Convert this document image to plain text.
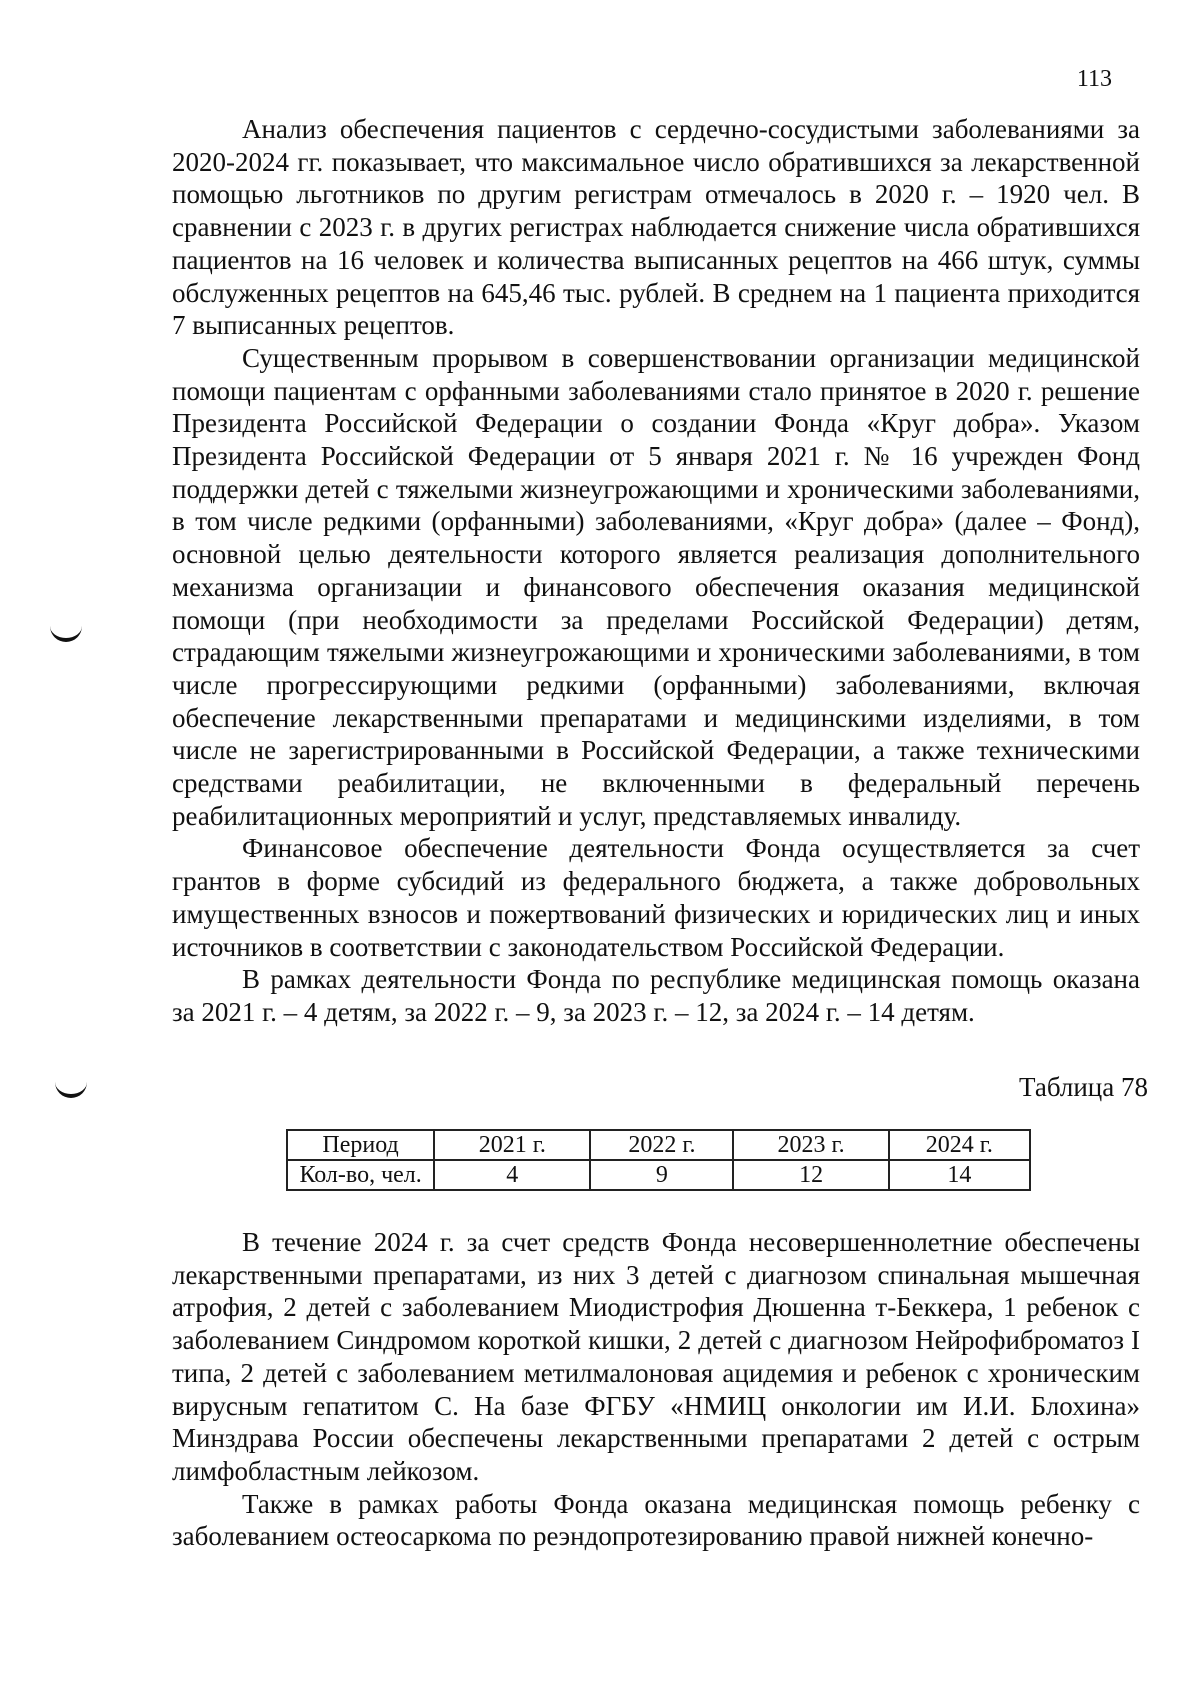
113

Анализ обеспечения пациентов с сердечно-сосудистыми заболеваниями за 2020-2024 гг. показывает, что максимальное число обратившихся за лекарственной помощью льготников по другим регистрам отмечалось в 2020 г. – 1920 чел. В сравнении с 2023 г. в других регистрах наблюдается снижение числа обратившихся пациентов на 16 человек и количества выписанных рецептов на 466 штук, суммы обслуженных рецептов на 645,46 тыс. рублей. В среднем на 1 пациента приходится 7 выписанных рецептов.

Существенным прорывом в совершенствовании организации медицинской помощи пациентам с орфанными заболеваниями стало принятое в 2020 г. решение Президента Российской Федерации о создании Фонда «Круг добра». Указом Президента Российской Федерации от 5 января 2021 г. № 16 учрежден Фонд поддержки детей с тяжелыми жизнеугрожающими и хроническими заболеваниями, в том числе редкими (орфанными) заболеваниями, «Круг добра» (далее – Фонд), основной целью деятельности которого является реализация дополнительного механизма организации и финансового обеспечения оказания медицинской помощи (при необходимости за пределами Российской Федерации) детям, страдающим тяжелыми жизнеугрожающими и хроническими заболеваниями, в том числе прогрессирующими редкими (орфанными) заболеваниями, включая обеспечение лекарственными препаратами и медицинскими изделиями, в том числе не зарегистрированными в Российской Федерации, а также техническими средствами реабилитации, не включенными в федеральный перечень реабилитационных мероприятий и услуг, представляемых инвалиду.

Финансовое обеспечение деятельности Фонда осуществляется за счет грантов в форме субсидий из федерального бюджета, а также добровольных имущественных взносов и пожертвований физических и юридических лиц и иных источников в соответствии с законодательством Российской Федерации.

В рамках деятельности Фонда по республике медицинская помощь оказана за 2021 г. – 4 детям, за 2022 г. – 9, за 2023 г. – 12, за 2024 г. – 14 детям.

Таблица 78
Период	2021 г.	2022 г.	2023 г.	2024 г.
Кол-во, чел.	4	9	12	14

В течение 2024 г. за счет средств Фонда несовершеннолетние обеспечены лекарственными препаратами, из них 3 детей с диагнозом спинальная мышечная атрофия, 2 детей с заболеванием Миодистрофия Дюшенна т-Беккера, 1 ребенок с заболеванием Синдромом короткой кишки, 2 детей с диагнозом Нейрофиброматоз I типа, 2 детей с заболеванием метилмалоновая ацидемия и ребенок с хроническим вирусным гепатитом С. На базе ФГБУ «НМИЦ онкологии им И.И. Блохина» Минздрава России обеспечены лекарственными препаратами 2 детей с острым лимфобластным лейкозом.

Также в рамках работы Фонда оказана медицинская помощь ребенку с заболеванием остеосаркома по реэндопротезированию правой нижней конечно-
